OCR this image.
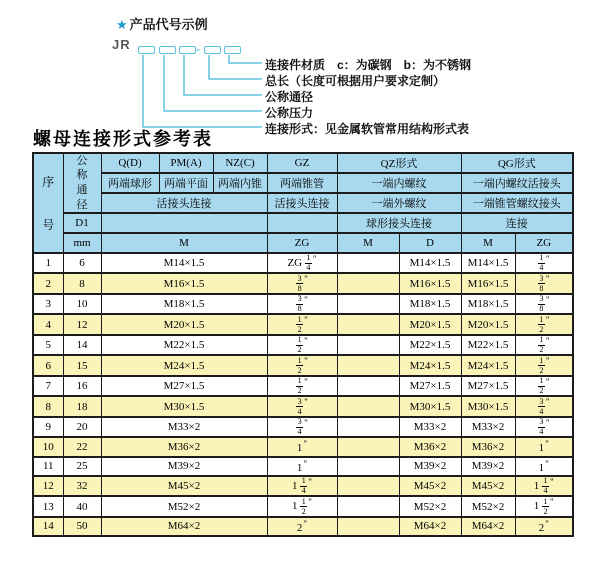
★ 产品代号示例
JR	-
连接件材质　c：为碳钢　b：为不锈钢
总长（长度可根据用户要求定制）
公称通径
公称压力
连接形式：见金属软管常用结构形式表
螺母连接形式参考表
序
号	公
称
通
径	Q(D)	PM(A)	NZ(C)	GZ	QZ形式		QG形式	
		两端球形	两端平面	两端内锥	两端锥管	一端内螺纹		一端内螺纹活接头	
		活接头连接			活接头连接	一端外螺纹		一端锥管螺纹接头	
	D1					球形接头连接		连接	
	mm	M			ZG	M	D	M	ZG
1	6	M14×1.5			ZG $\frac{1}{4} ^"$		M14×1.5	M14×1.5	$\frac{1}{4} ^"$
2	8	M16×1.5			$\frac{3}{8} ^"$		M16×1.5	M16×1.5	$\frac{3}{8} ^"$
3	10	M18×1.5			$\frac{3}{8} ^"$		M18×1.5	M18×1.5	$\frac{3}{8} ^"$
4	12	M20×1.5			$\frac{1}{2} ^"$		M20×1.5	M20×1.5	$\frac{1}{2} ^"$
5	14	M22×1.5			$\frac{1}{2} ^"$		M22×1.5	M22×1.5	$\frac{1}{2} ^"$
6	15	M24×1.5			$\frac{1}{2} ^"$		M24×1.5	M24×1.5	$\frac{1}{2} ^"$
7	16	M27×1.5			$\frac{1}{2} ^"$		M27×1.5	M27×1.5	$\frac{1}{2} ^"$
8	18	M30×1.5			$\frac{3}{4} ^"$		M30×1.5	M30×1.5	$\frac{3}{4} ^"$
9	20	M33×2			$\frac{3}{4} ^"$		M33×2	M33×2	$\frac{3}{4} ^"$
10	22	M36×2			1"		M36×2	M36×2	1"
11	25	M39×2			1"		M39×2	M39×2	1"
12	32	M45×2			$1 \frac{1}{4} ^"$		M45×2	M45×2	$1 \frac{1}{4} ^"$
13	40	M52×2			$1 \frac{1}{2} ^"$		M52×2	M52×2	$1 \frac{1}{2} ^"$
14	50	M64×2			2"		M64×2	M64×2	2"
